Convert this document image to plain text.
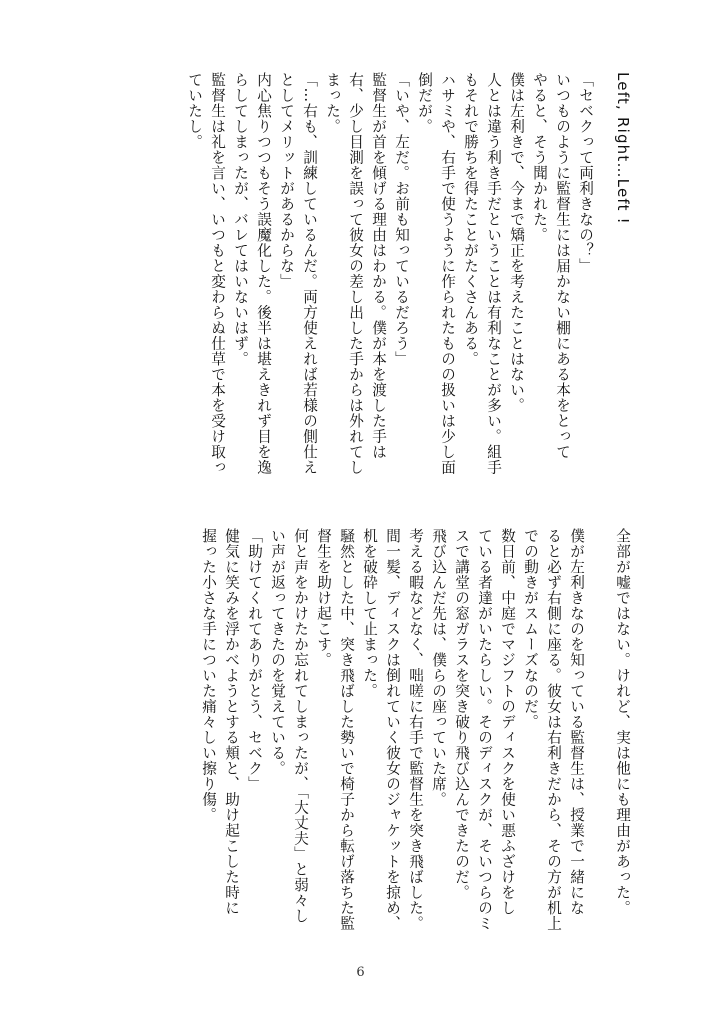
Left, Right…Left !
「セベクって両利きなの？」
いつものように監督生には届かない棚にある本をとって
やると、そう聞かれた。
僕は左利きで、今まで矯正を考えたことはない。
人とは違う利き手だということは有利なことが多い。組手
もそれで勝ちを得たことがたくさんある。
ハサミや、右手で使うように作られたものの扱いは少し面
倒だが。
「いや、左だ。お前も知っているだろう」
監督生が首を傾げる理由はわかる。僕が本を渡した手は
右、少し目測を誤って彼女の差し出した手からは外れてし
まった。
「…右も、訓練しているんだ。両方使えれば若様の側仕え
としてメリットがあるからな」
内心焦りつつもそう誤魔化した。後半は堪えきれず目を逸
らしてしまったが、バレてはいないはず。
監督生は礼を言い、いつもと変わらぬ仕草で本を受け取っ
ていたし。
全部が嘘ではない。けれど、実は他にも理由があった。
僕が左利きなのを知っている監督生は、授業で一緒にな
ると必ず右側に座る。彼女は右利きだから、その方が机上
での動きがスムーズなのだ。
数日前、中庭でマジフトのディスクを使い悪ふざけをし
ている者達がいたらしい。そのディスクが、そいつらのミ
スで講堂の窓ガラスを突き破り飛び込んできたのだ。
飛び込んだ先は、僕らの座っていた席。
考える暇などなく、咄嗟に右手で監督生を突き飛ばした。
間一髪、ディスクは倒れていく彼女のジャケットを掠め、
机を破砕して止まった。
騒然とした中、突き飛ばした勢いで椅子から転げ落ちた監
督生を助け起こす。
何と声をかけたか忘れてしまったが、「大丈夫」と弱々し
い声が返ってきたのを覚えている。
「助けてくれてありがとう、セベク」
健気に笑みを浮かべようとする頬と、助け起こした時に
握った小さな手についた痛々しい擦り傷。
6
